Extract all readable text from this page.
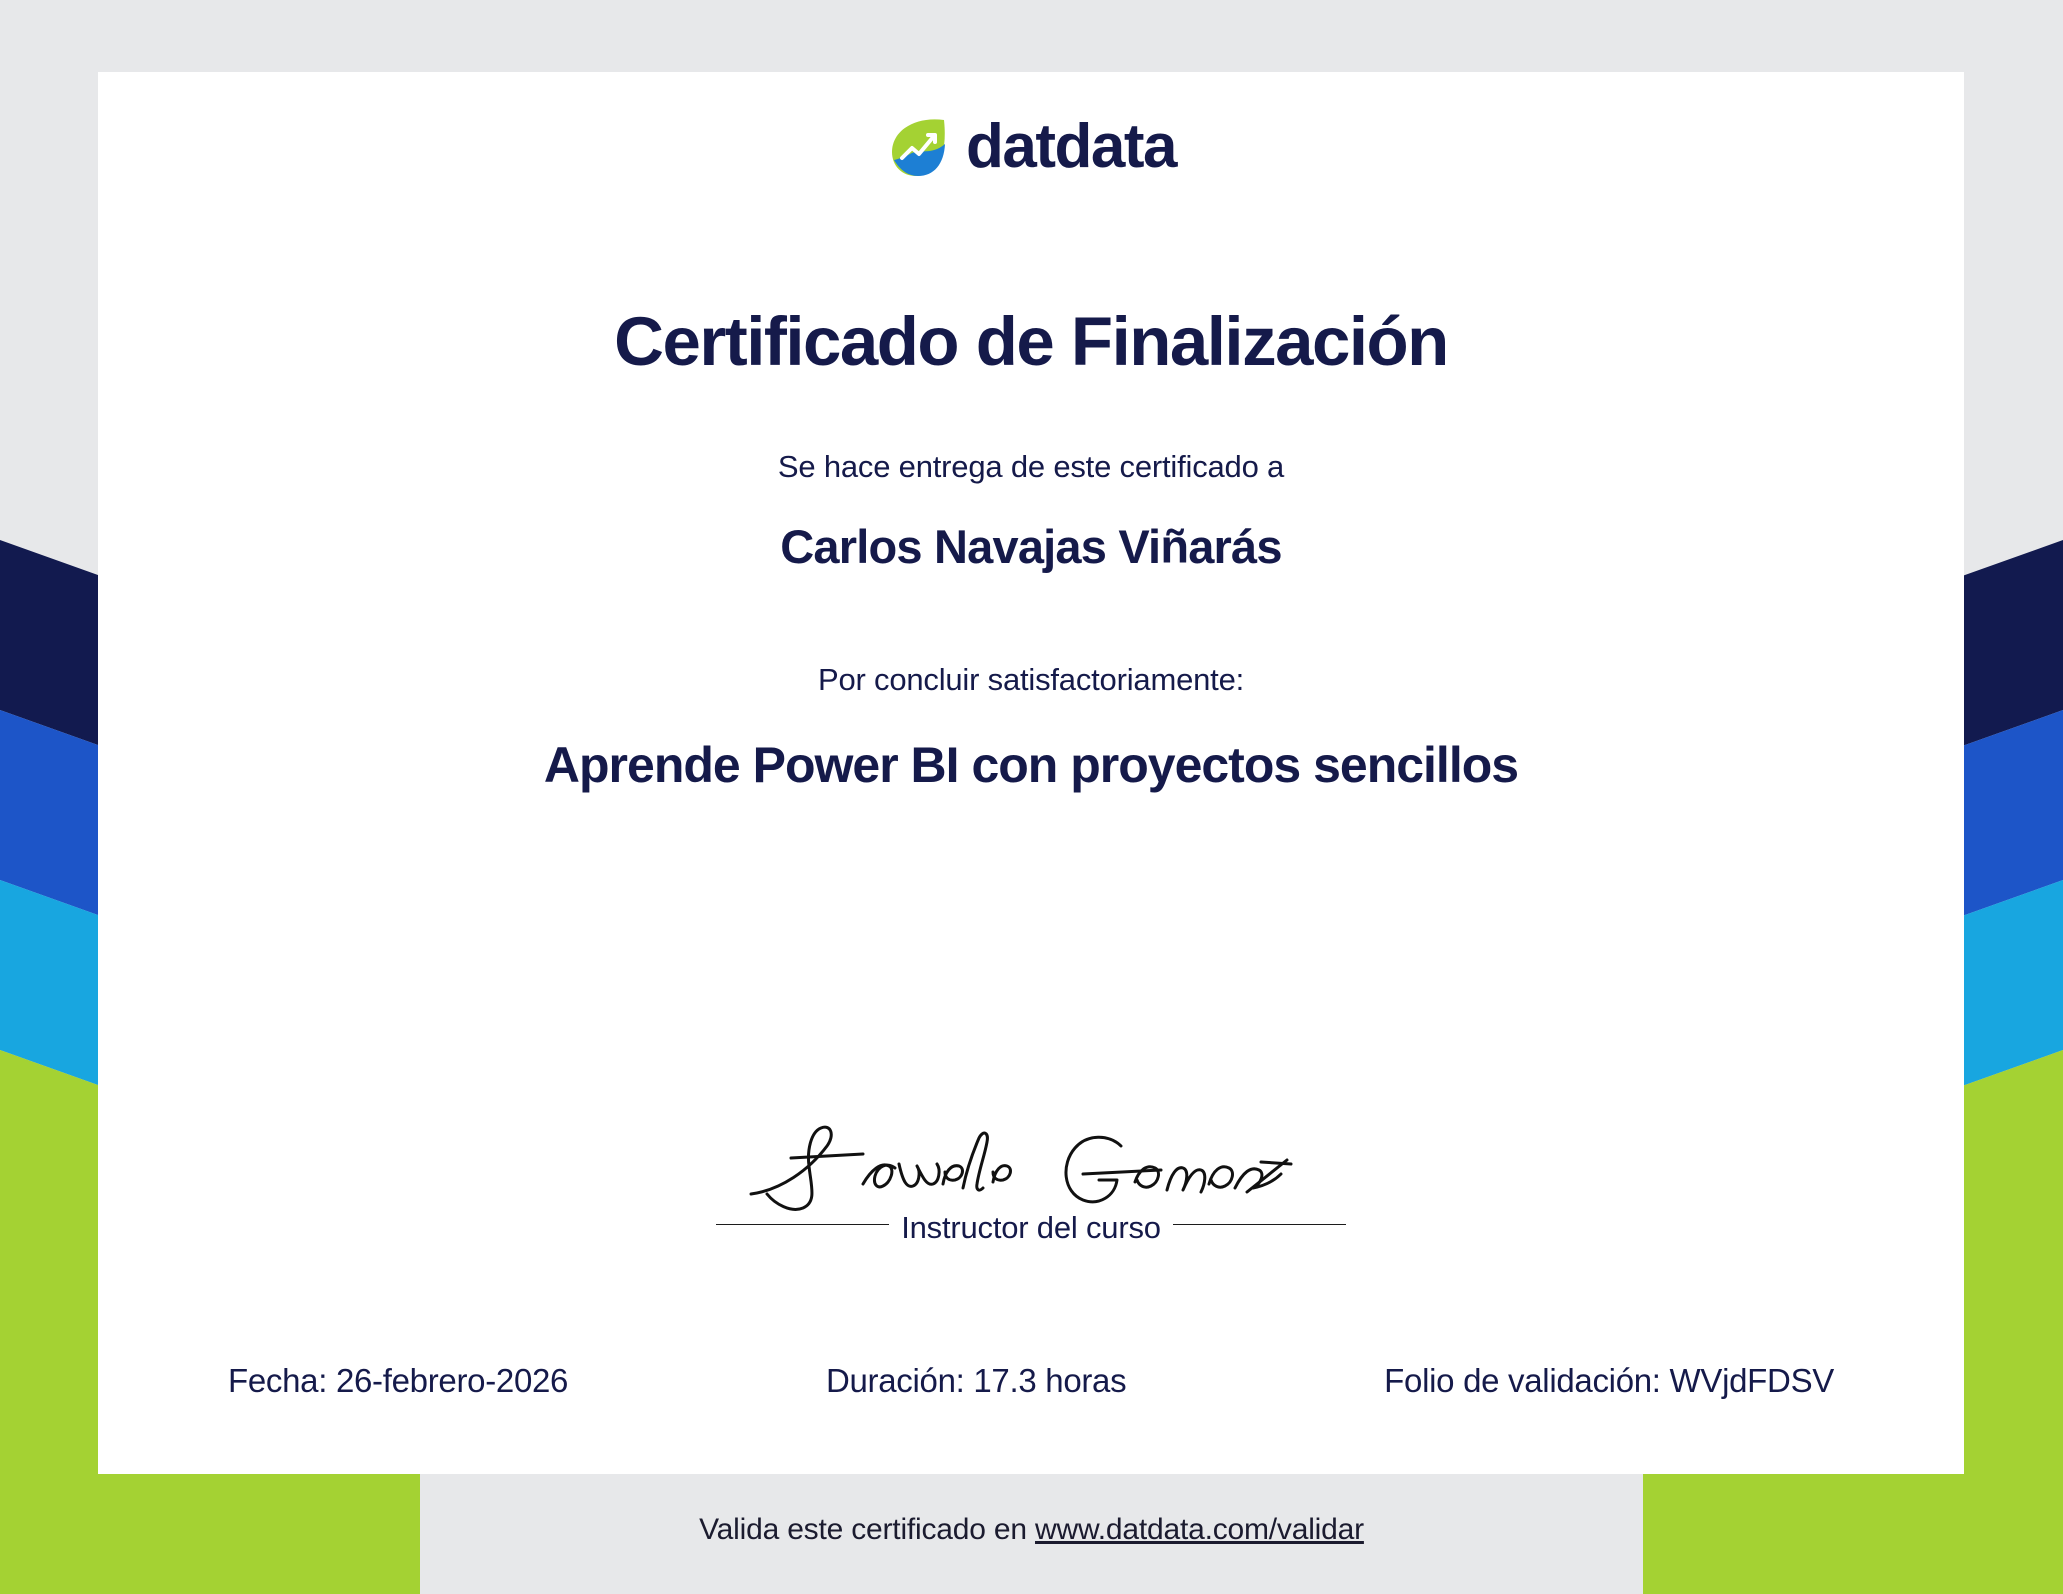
datdata
Certificado de Finalización
Se hace entrega de este certificado a
Carlos Navajas Viñarás
Por concluir satisfactoriamente:
Aprende Power BI con proyectos sencillos
Instructor del curso
Fecha: 26-febrero-2026	Duración: 17.3 horas	Folio de validación: WVjdFDSV
Valida este certificado en www.datdata.com/validar
